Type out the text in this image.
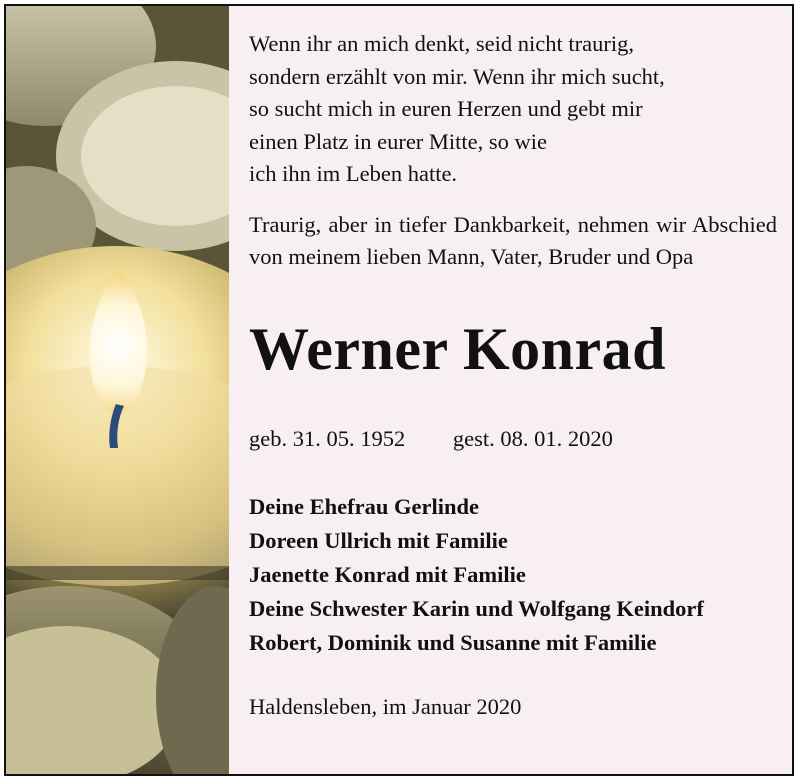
Wenn ihr an mich denkt, seid nicht traurig,
sondern erzählt von mir. Wenn ihr mich sucht,
so sucht mich in euren Herzen und gebt mir
einen Platz in eurer Mitte, so wie
ich ihn im Leben hatte.

Traurig, aber in tiefer Dankbarkeit, nehmen wir Abschied von meinem lieben Mann, Vater, Bruder und Opa

Werner Konrad
geb. 31. 05. 1952 gest. 08. 01. 2020
Deine Ehefrau Gerlinde
Doreen Ullrich mit Familie
Jaenette Konrad mit Familie
Deine Schwester Karin und Wolfgang Keindorf
Robert, Dominik und Susanne mit Familie
Haldensleben, im Januar 2020
